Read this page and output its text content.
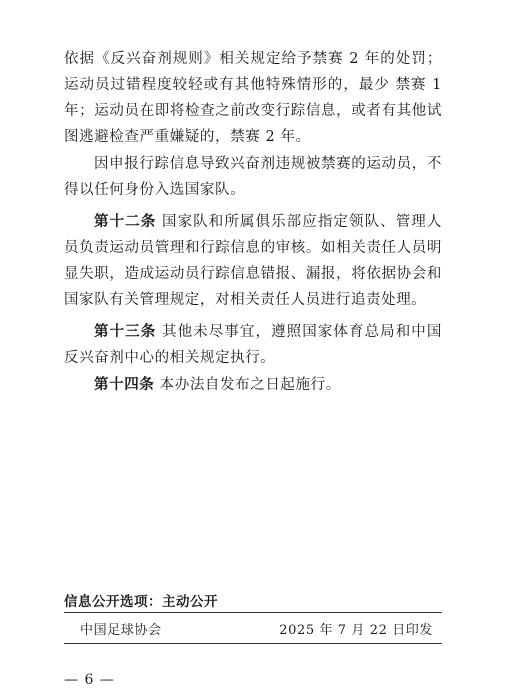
依据《反兴奋剂规则》相关规定给予禁赛 2 年的处罚；运动员过错程度较轻或有其他特殊情形的，最少 禁赛 1 年；运动员在即将检查之前改变行踪信息，或者有其他试图逃避检查严重嫌疑的，禁赛 2 年。

因申报行踪信息导致兴奋剂违规被禁赛的运动员，不得以任何身份入选国家队。

第十二条 国家队和所属俱乐部应指定领队、管理人员负责运动员管理和行踪信息的审核。如相关责任人员明显失职，造成运动员行踪信息错报、漏报，将依据协会和国家队有关管理规定，对相关责任人员进行追责处理。

第十三条 其他未尽事宜，遵照国家体育总局和中国反兴奋剂中心的相关规定执行。

第十四条 本办法自发布之日起施行。

信息公开选项：主动公开
中国足球协会	2025 年 7 月 22 日印发
— 6 —
